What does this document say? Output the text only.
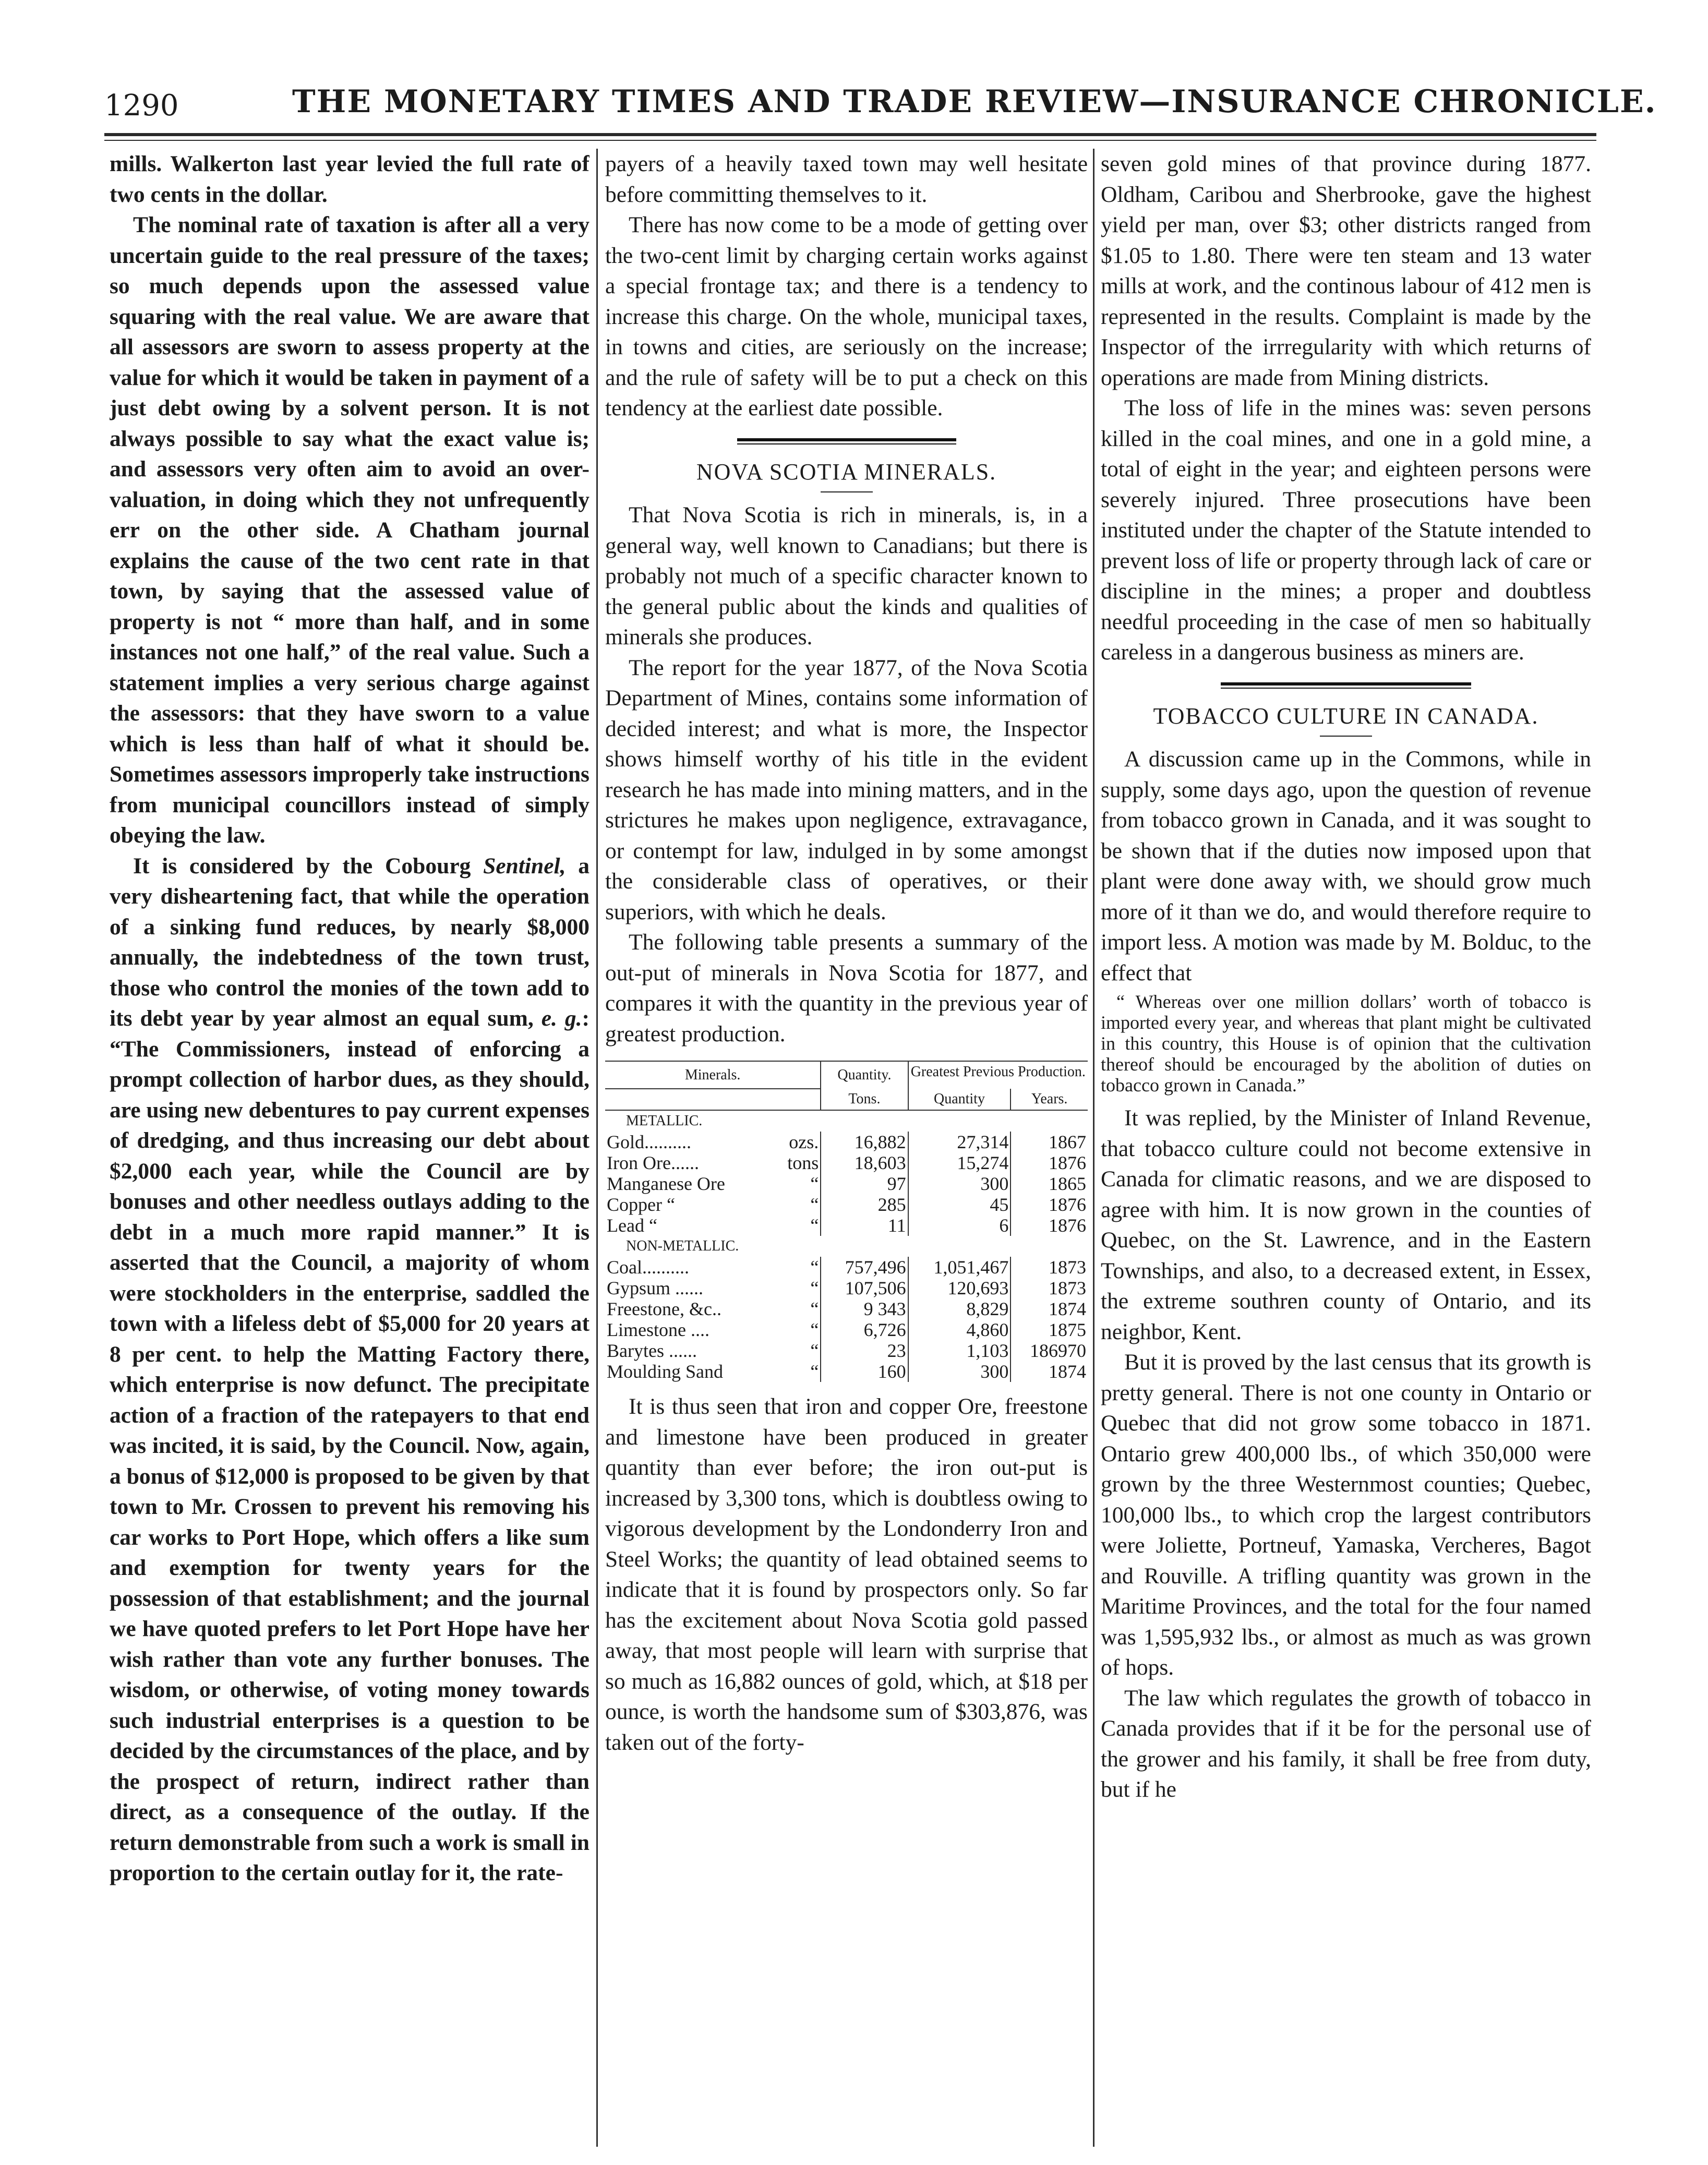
1290	THE MONETARY TIMES AND TRADE REVIEW—INSURANCE CHRONICLE.

mills. Walkerton last year levied the full rate of two cents in the dollar.

The nominal rate of taxation is after all a very uncertain guide to the real pressure of the taxes; so much depends upon the assessed value squaring with the real value. We are aware that all assessors are sworn to assess property at the value for which it would be taken in payment of a just debt owing by a solvent person. It is not always possible to say what the exact value is; and assessors very often aim to avoid an over-valuation, in doing which they not unfrequently err on the other side. A Chatham journal explains the cause of the two cent rate in that town, by saying that the assessed value of property is not “ more than half, and in some instances not one half,” of the real value. Such a statement implies a very serious charge against the assessors: that they have sworn to a value which is less than half of what it should be. Sometimes assessors improperly take instructions from municipal councillors instead of simply obeying the law.

It is considered by the Cobourg Sentinel, a very disheartening fact, that while the operation of a sinking fund reduces, by nearly $8,000 annually, the indebtedness of the town trust, those who control the monies of the town add to its debt year by year almost an equal sum, e. g.: “The Commissioners, instead of enforcing a prompt collection of harbor dues, as they should, are using new debentures to pay current expenses of dredging, and thus increasing our debt about $2,000 each year, while the Council are by bonuses and other needless outlays adding to the debt in a much more rapid manner.” It is asserted that the Council, a majority of whom were stockholders in the enterprise, saddled the town with a lifeless debt of $5,000 for 20 years at 8 per cent. to help the Matting Factory there, which enterprise is now defunct. The precipitate action of a fraction of the ratepayers to that end was incited, it is said, by the Council. Now, again, a bonus of $12,000 is proposed to be given by that town to Mr. Crossen to prevent his removing his car works to Port Hope, which offers a like sum and exemption for twenty years for the possession of that establishment; and the journal we have quoted prefers to let Port Hope have her wish rather than vote any further bonuses. The wisdom, or otherwise, of voting money towards such industrial enterprises is a question to be decided by the circumstances of the place, and by the prospect of return, indirect rather than direct, as a consequence of the outlay. If the return demonstrable from such a work is small in proportion to the certain outlay for it, the rate-

payers of a heavily taxed town may well hesitate before committing themselves to it.

There has now come to be a mode of getting over the two-cent limit by charging certain works against a special frontage tax; and there is a tendency to increase this charge. On the whole, municipal taxes, in towns and cities, are seriously on the increase; and the rule of safety will be to put a check on this tendency at the earliest date possible.

NOVA SCOTIA MINERALS.

That Nova Scotia is rich in minerals, is, in a general way, well known to Canadians; but there is probably not much of a specific character known to the general public about the kinds and qualities of minerals she produces.

The report for the year 1877, of the Nova Scotia Department of Mines, contains some information of decided interest; and what is more, the Inspector shows himself worthy of his title in the evident research he has made into mining matters, and in the strictures he makes upon negligence, extravagance, or contempt for law, indulged in by some amongst the considerable class of operatives, or their superiors, with which he deals.

The following table presents a summary of the out-put of minerals in Nova Scotia for 1877, and compares it with the quantity in the previous year of greatest production.

Minerals.	Quantity.	Greatest Previous Production.	

	Tons.	Quantity	Years.
METALLIC.			
Gold.......... ozs.	16,882	27,314	1867
Iron Ore...... tons	18,603	15,274	1876
Manganese Ore “	97	300	1865
Copper “ “	285	45	1876
Lead “ “	11	6	1876
NON-METALLIC.			
Coal.......... “	757,496	1,051,467	1873
Gypsum ...... “	107,506	120,693	1873
Freestone, &c.. “	9 343	8,829	1874
Limestone .... “	6,726	4,860	1875
Barytes ...... “	23	1,103	186970
Moulding Sand “	160	300	1874

It is thus seen that iron and copper Ore, freestone and limestone have been produced in greater quantity than ever before; the iron out-put is increased by 3,300 tons, which is doubtless owing to vigorous development by the Londonderry Iron and Steel Works; the quantity of lead obtained seems to indicate that it is found by prospectors only. So far has the excitement about Nova Scotia gold passed away, that most people will learn with surprise that so much as 16,882 ounces of gold, which, at $18 per ounce, is worth the handsome sum of $303,876, was taken out of the forty-

seven gold mines of that province during 1877. Oldham, Caribou and Sherbrooke, gave the highest yield per man, over $3; other districts ranged from $1.05 to 1.80. There were ten steam and 13 water mills at work, and the continous labour of 412 men is represented in the results. Complaint is made by the Inspector of the irrregularity with which returns of operations are made from Mining districts.

The loss of life in the mines was: seven persons killed in the coal mines, and one in a gold mine, a total of eight in the year; and eighteen persons were severely injured. Three prosecutions have been instituted under the chapter of the Statute intended to prevent loss of life or property through lack of care or discipline in the mines; a proper and doubtless needful proceeding in the case of men so habitually careless in a dangerous business as miners are.

TOBACCO CULTURE IN CANADA.

A discussion came up in the Commons, while in supply, some days ago, upon the question of revenue from tobacco grown in Canada, and it was sought to be shown that if the duties now imposed upon that plant were done away with, we should grow much more of it than we do, and would therefore require to import less. A motion was made by M. Bolduc, to the effect that

“ Whereas over one million dollars’ worth of tobacco is imported every year, and whereas that plant might be cultivated in this country, this House is of opinion that the cultivation thereof should be encouraged by the abolition of duties on tobacco grown in Canada.”

It was replied, by the Minister of Inland Revenue, that tobacco culture could not become extensive in Canada for climatic reasons, and we are disposed to agree with him. It is now grown in the counties of Quebec, on the St. Lawrence, and in the Eastern Townships, and also, to a decreased extent, in Essex, the extreme southren county of Ontario, and its neighbor, Kent.

But it is proved by the last census that its growth is pretty general. There is not one county in Ontario or Quebec that did not grow some tobacco in 1871. Ontario grew 400,000 lbs., of which 350,000 were grown by the three Westernmost counties; Quebec, 100,000 lbs., to which crop the largest contributors were Joliette, Portneuf, Yamaska, Vercheres, Bagot and Rouville. A trifling quantity was grown in the Maritime Provinces, and the total for the four named was 1,595,932 lbs., or almost as much as was grown of hops.

The law which regulates the growth of tobacco in Canada provides that if it be for the personal use of the grower and his family, it shall be free from duty, but if he
